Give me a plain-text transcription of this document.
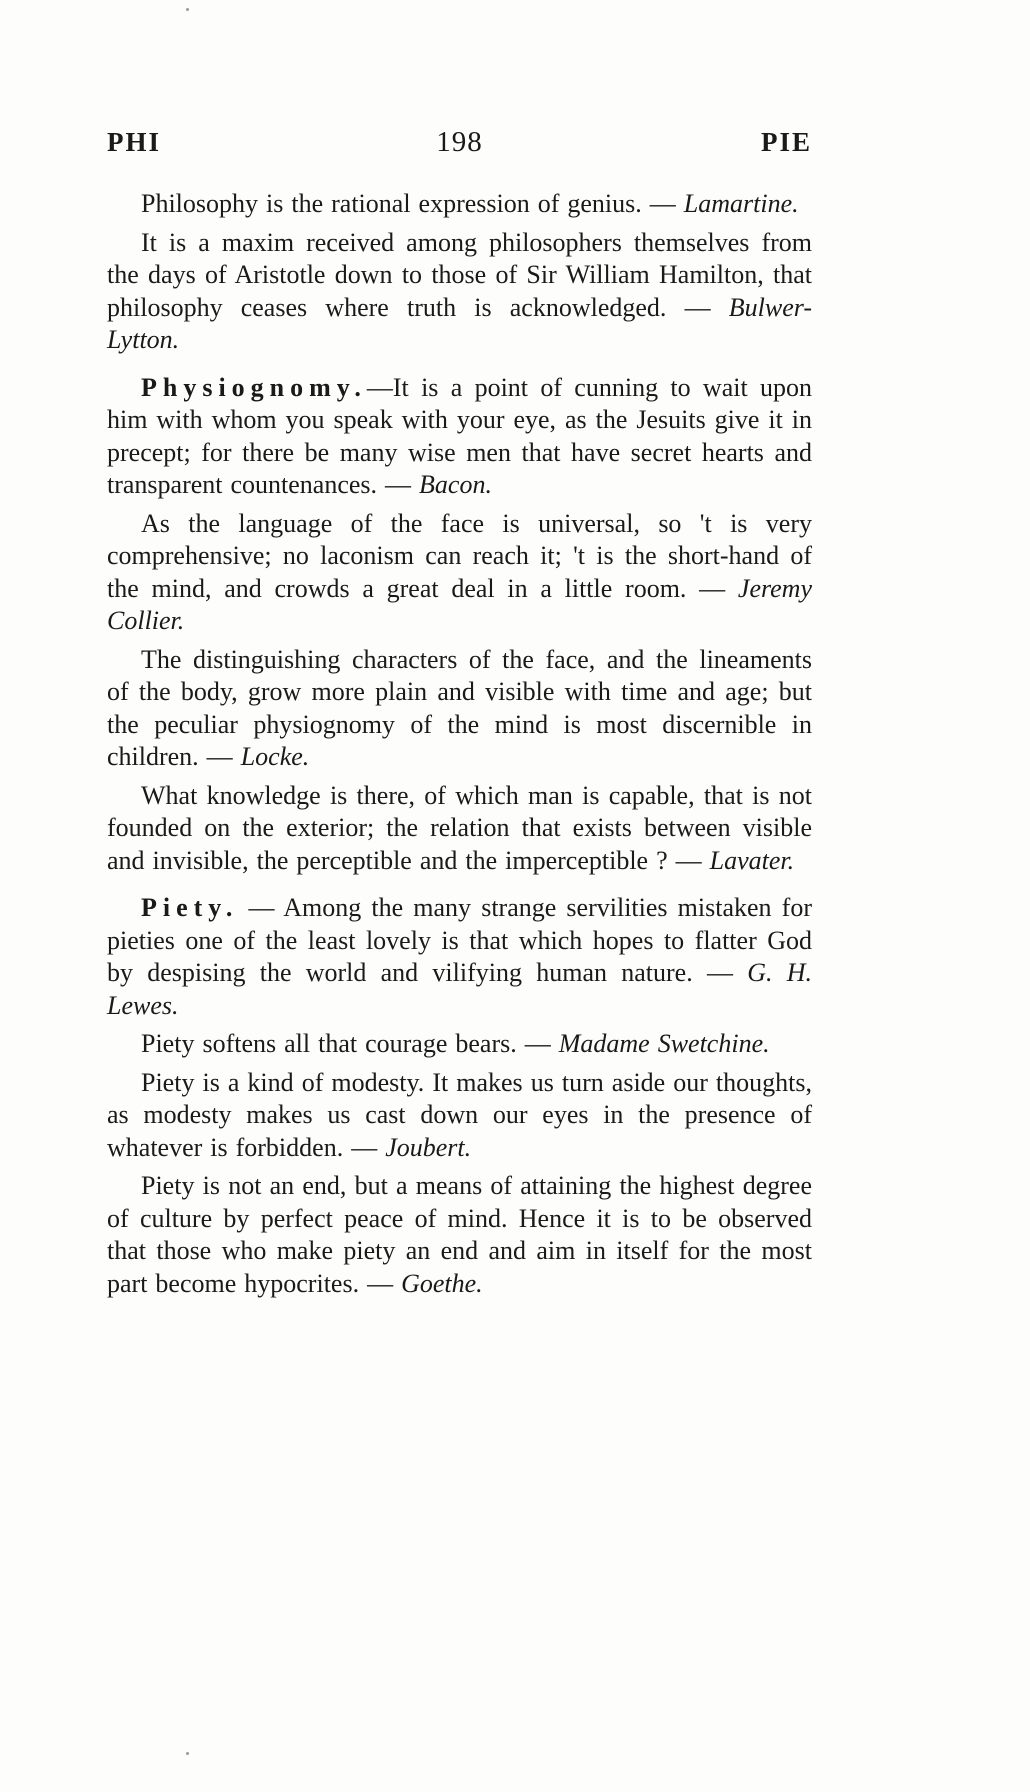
PHI	198	PIE

Philosophy is the rational expression of genius. — Lamartine.

It is a maxim received among philosophers themselves from the days of Aristotle down to those of Sir William Hamilton, that philosophy ceases where truth is acknowledged. — Bulwer-Lytton.

Physiognomy.—It is a point of cunning to wait upon him with whom you speak with your eye, as the Jesuits give it in precept; for there be many wise men that have secret hearts and transparent countenances. — Bacon.

As the language of the face is universal, so 't is very comprehensive; no laconism can reach it; 't is the short-hand of the mind, and crowds a great deal in a little room. — Jeremy Collier.

The distinguishing characters of the face, and the lineaments of the body, grow more plain and visible with time and age; but the peculiar physiognomy of the mind is most discernible in children. — Locke.

What knowledge is there, of which man is capable, that is not founded on the exterior; the relation that exists between visible and invisible, the perceptible and the imperceptible ? — Lavater.

Piety. — Among the many strange servilities mistaken for pieties one of the least lovely is that which hopes to flatter God by despising the world and vilifying human nature. — G. H. Lewes.

Piety softens all that courage bears. — Madame Swetchine.

Piety is a kind of modesty. It makes us turn aside our thoughts, as modesty makes us cast down our eyes in the presence of whatever is forbidden. — Joubert.

Piety is not an end, but a means of attaining the highest degree of culture by perfect peace of mind. Hence it is to be observed that those who make piety an end and aim in itself for the most part become hypocrites. — Goethe.
